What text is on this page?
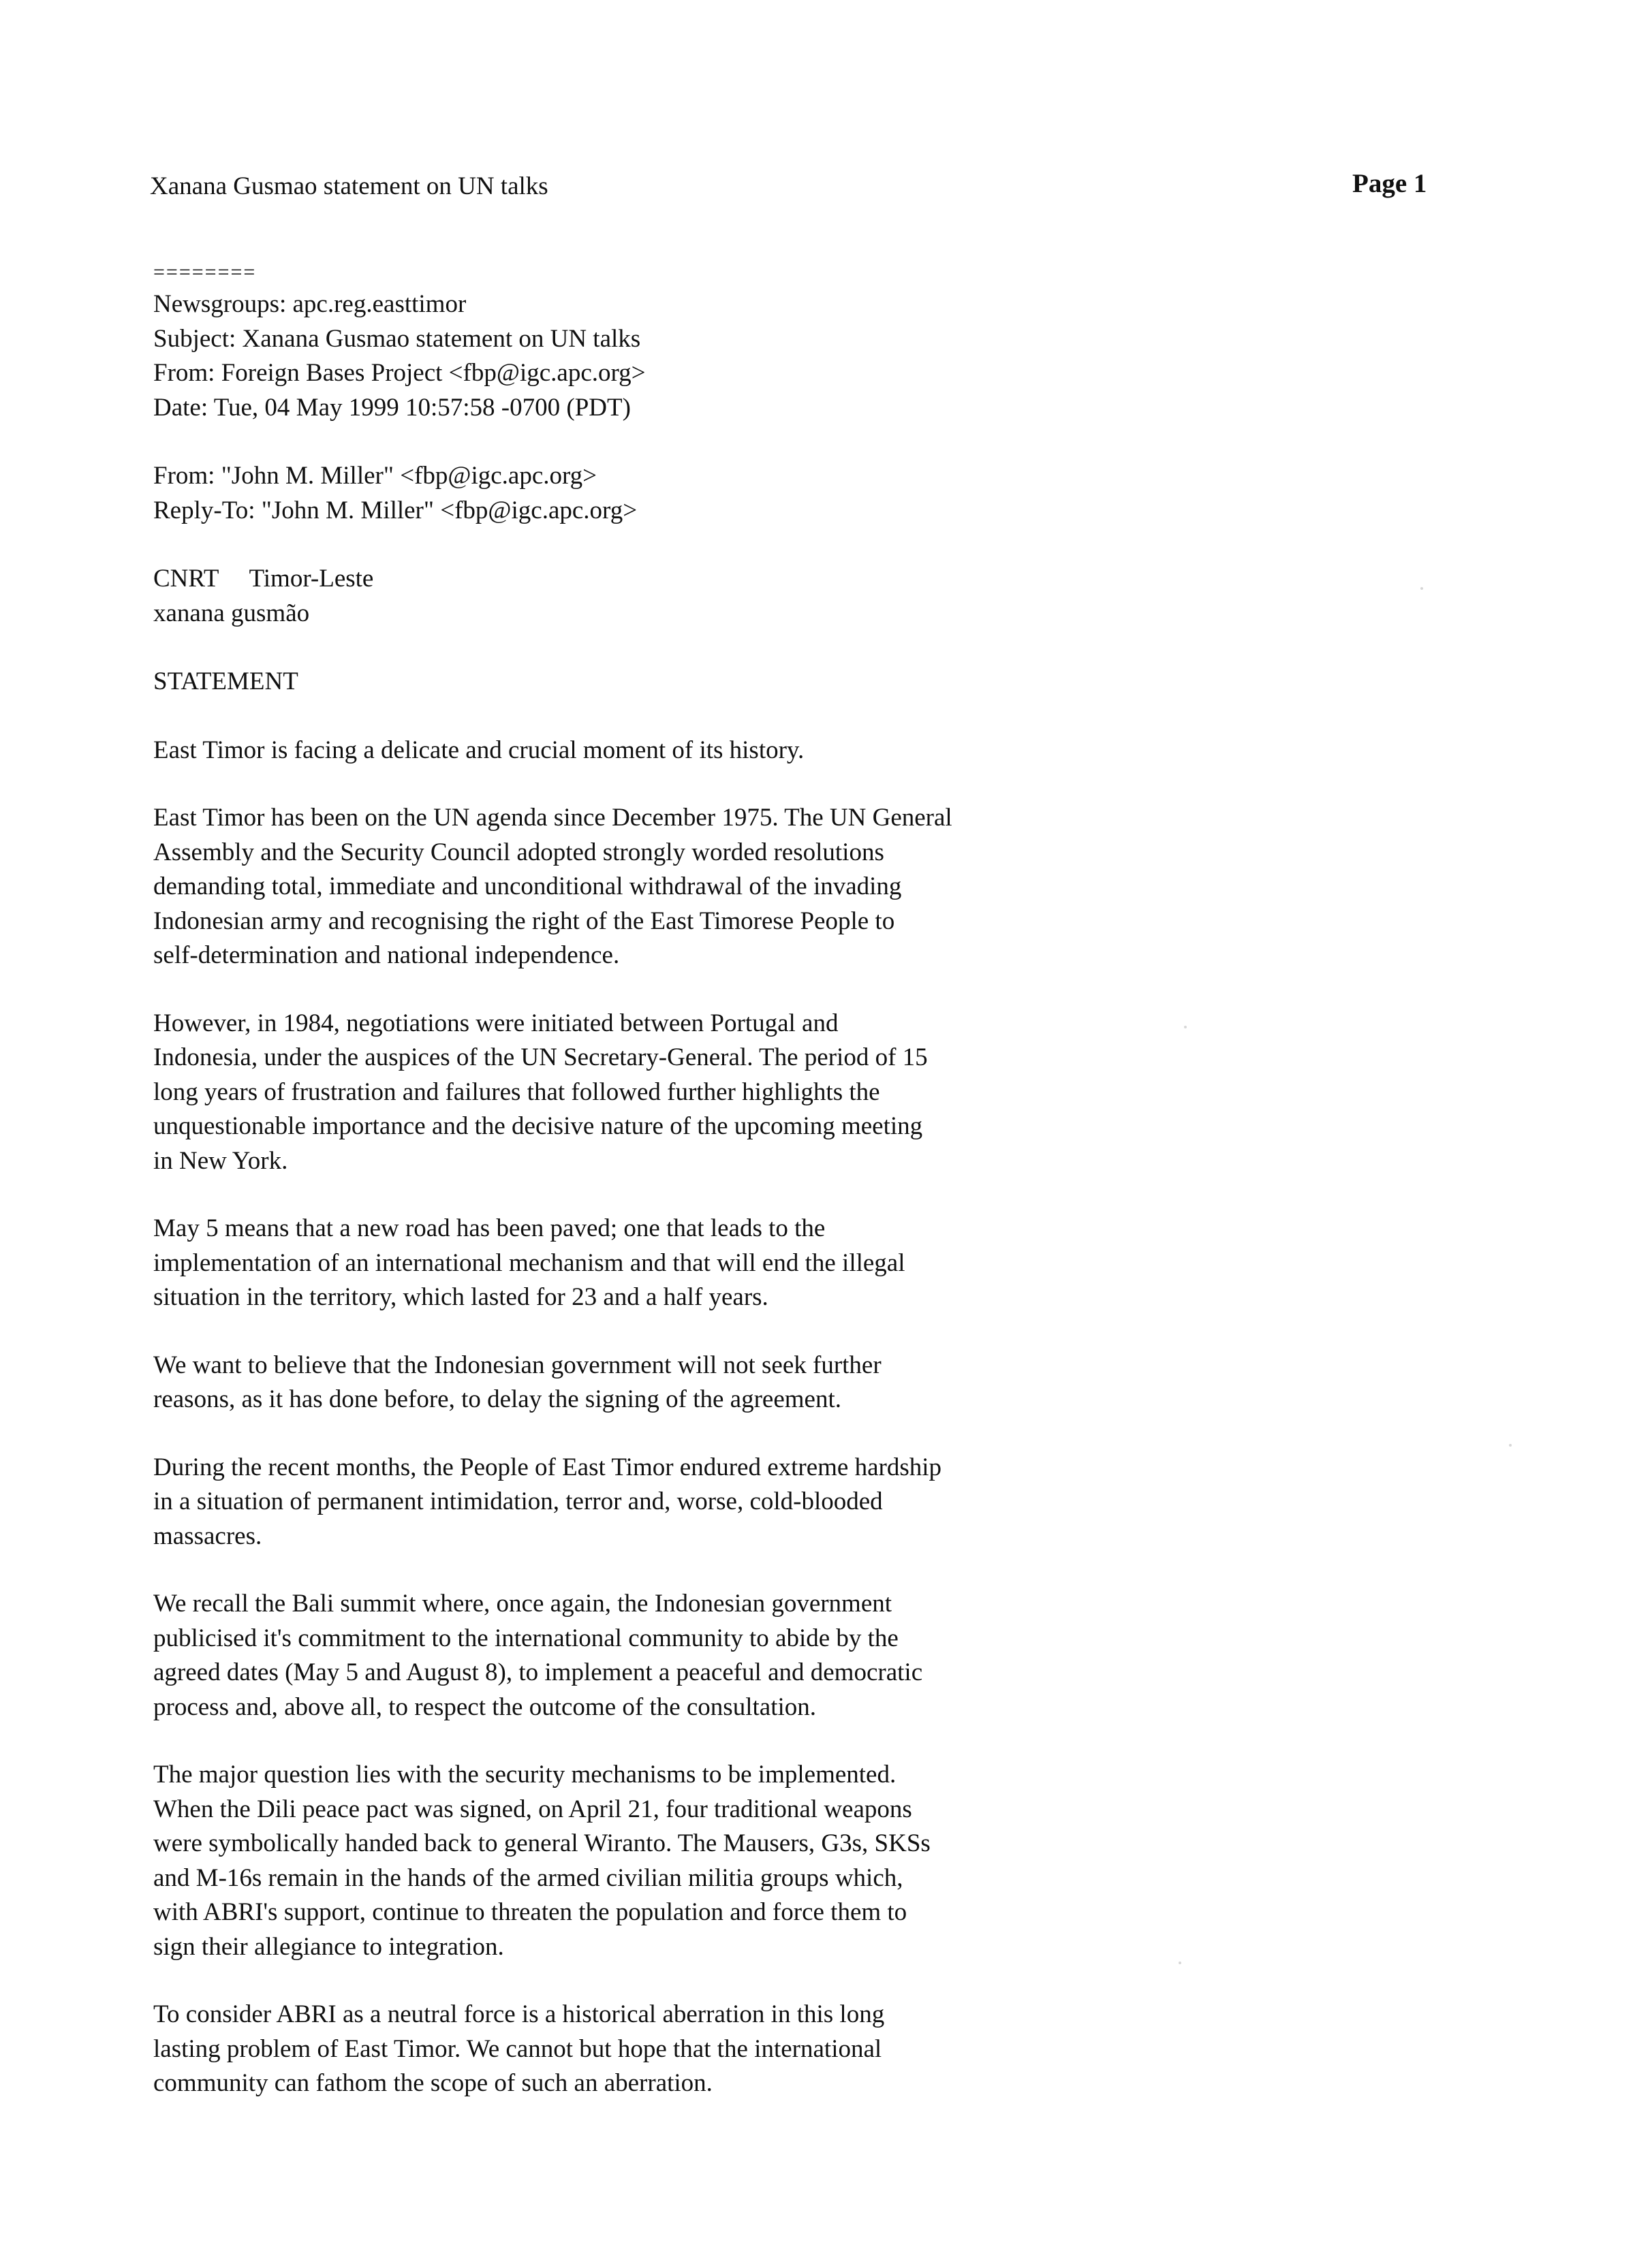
Xanana Gusmao statement on UN talks	Page 1
========
Newsgroups: apc.reg.easttimor
Subject: Xanana Gusmao statement on UN talks
From: Foreign Bases Project <fbp@igc.apc.org>
Date: Tue, 04 May 1999 10:57:58 -0700 (PDT)
From: "John M. Miller" <fbp@igc.apc.org>
Reply-To: "John M. Miller" <fbp@igc.apc.org>
CNRT Timor-Leste
xanana gusmão
STATEMENT

East Timor is facing a delicate and crucial moment of its history.

East Timor has been on the UN agenda since December 1975. The UN General
Assembly and the Security Council adopted strongly worded resolutions
demanding total, immediate and unconditional withdrawal of the invading
Indonesian army and recognising the right of the East Timorese People to
self-determination and national independence.

However, in 1984, negotiations were initiated between Portugal and
Indonesia, under the auspices of the UN Secretary-General. The period of 15
long years of frustration and failures that followed further highlights the
unquestionable importance and the decisive nature of the upcoming meeting
in New York.

May 5 means that a new road has been paved; one that leads to the
implementation of an international mechanism and that will end the illegal
situation in the territory, which lasted for 23 and a half years.

We want to believe that the Indonesian government will not seek further
reasons, as it has done before, to delay the signing of the agreement.

During the recent months, the People of East Timor endured extreme hardship
in a situation of permanent intimidation, terror and, worse, cold-blooded
massacres.

We recall the Bali summit where, once again, the Indonesian government
publicised it's commitment to the international community to abide by the
agreed dates (May 5 and August 8), to implement a peaceful and democratic
process and, above all, to respect the outcome of the consultation.

The major question lies with the security mechanisms to be implemented.
When the Dili peace pact was signed, on April 21, four traditional weapons
were symbolically handed back to general Wiranto. The Mausers, G3s, SKSs
and M-16s remain in the hands of the armed civilian militia groups which,
with ABRI's support, continue to threaten the population and force them to
sign their allegiance to integration.

To consider ABRI as a neutral force is a historical aberration in this long
lasting problem of East Timor. We cannot but hope that the international
community can fathom the scope of such an aberration.
